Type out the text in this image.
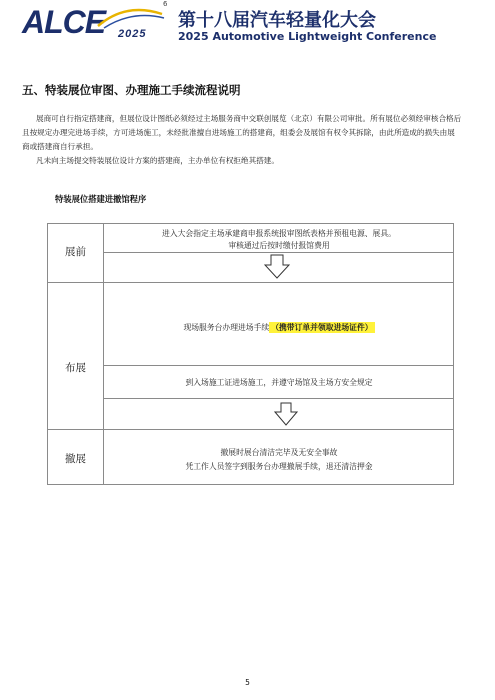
ALCE	6
2025
第十八届汽车轻量化大会
2025 Automotive Lightweight Conference
五、特装展位审图、办理施工手续流程说明
展商可自行指定搭建商，但展位设计图纸必须经过主场服务商中交联创展览（北京）有限公司审批。所有展位必须经审核合格后且按规定办理完进场手续，方可进场施工，未经批准擅自进场施工的搭建商，组委会及展馆有权令其拆除，由此所造成的损失由展商或搭建商自行承担。
凡未向主场提交特装展位设计方案的搭建商，主办单位有权拒绝其搭建。
特装展位搭建进撤馆程序
展前
布展
撤展
进入大会指定主场承建商申报系统报审图纸表格并预租电源、展具。
审核通过后按时缴付报馆费用
现场服务台办理进场手续 （携带订单并领取进场证件）
到入场施工证进场施工，并遵守场馆及主场方安全规定
撤展时展台清洁完毕及无安全事故
凭工作人员签字到服务台办理撤展手续，退还清洁押金
5
